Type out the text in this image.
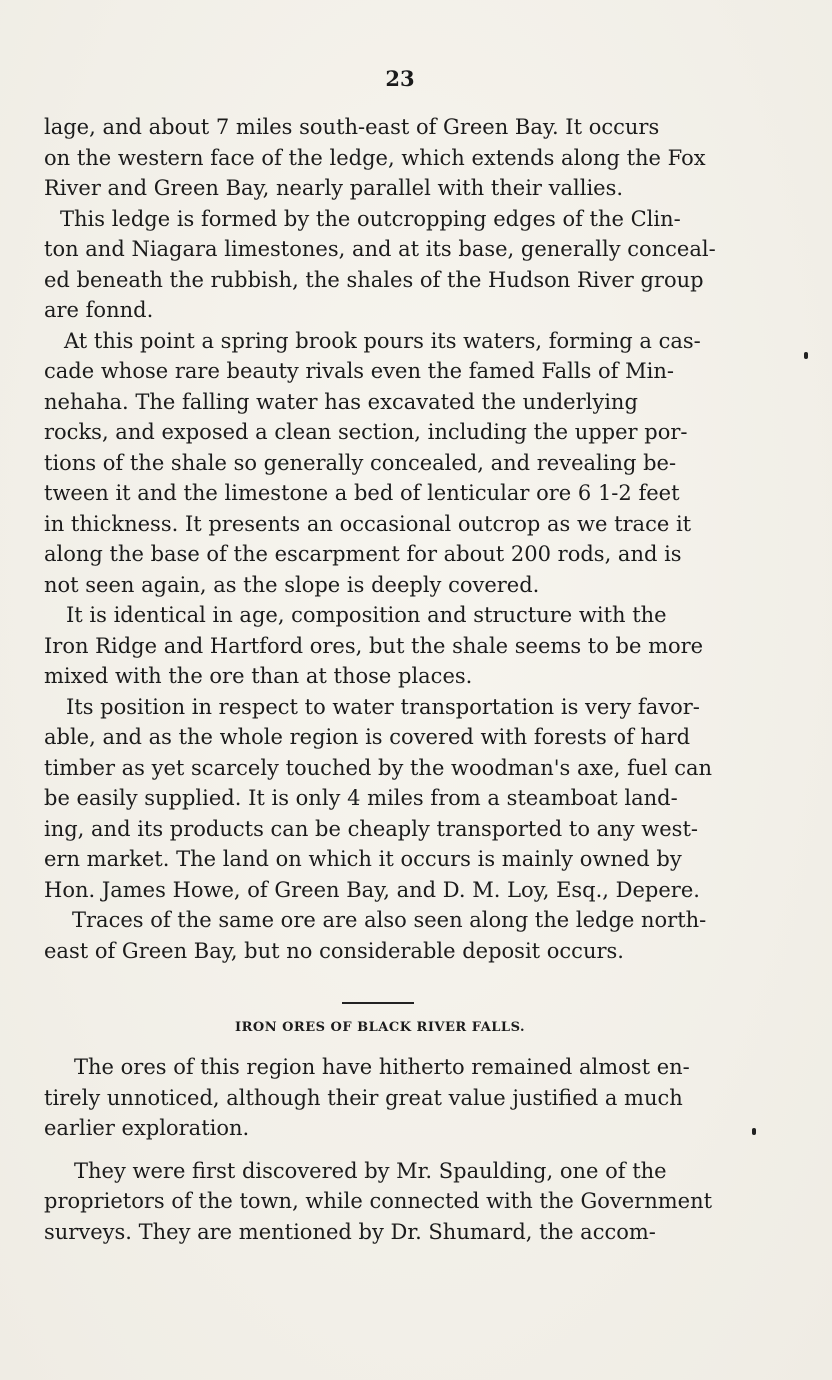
23
lage, and about 7 miles south-east of Green Bay. It occurs
on the western face of the ledge, which extends along the Fox
River and Green Bay, nearly parallel with their vallies.
This ledge is formed by the outcropping edges of the Clin-
ton and Niagara limestones, and at its base, generally conceal-
ed beneath the rubbish, the shales of the Hudson River group
are fonnd.
At this point a spring brook pours its waters, forming a cas-
cade whose rare beauty rivals even the famed Falls of Min-
nehaha. The falling water has excavated the underlying
rocks, and exposed a clean section, including the upper por-
tions of the shale so generally concealed, and revealing be-
tween it and the limestone a bed of lenticular ore 6 1-2 feet
in thickness. It presents an occasional outcrop as we trace it
along the base of the escarpment for about 200 rods, and is
not seen again, as the slope is deeply covered.
It is identical in age, composition and structure with the
Iron Ridge and Hartford ores, but the shale seems to be more
mixed with the ore than at those places.
Its position in respect to water transportation is very favor-
able, and as the whole region is covered with forests of hard
timber as yet scarcely touched by the woodman's axe, fuel can
be easily supplied. It is only 4 miles from a steamboat land-
ing, and its products can be cheaply transported to any west-
ern market. The land on which it occurs is mainly owned by
Hon. James Howe, of Green Bay, and D. M. Loy, Esq., Depere.
Traces of the same ore are also seen along the ledge north-
east of Green Bay, but no considerable deposit occurs.
IRON ORES OF BLACK RIVER FALLS.
The ores of this region have hitherto remained almost en-
tirely unnoticed, although their great value justified a much
earlier exploration.
They were first discovered by Mr. Spaulding, one of the
proprietors of the town, while connected with the Government
surveys. They are mentioned by Dr. Shumard, the accom-
